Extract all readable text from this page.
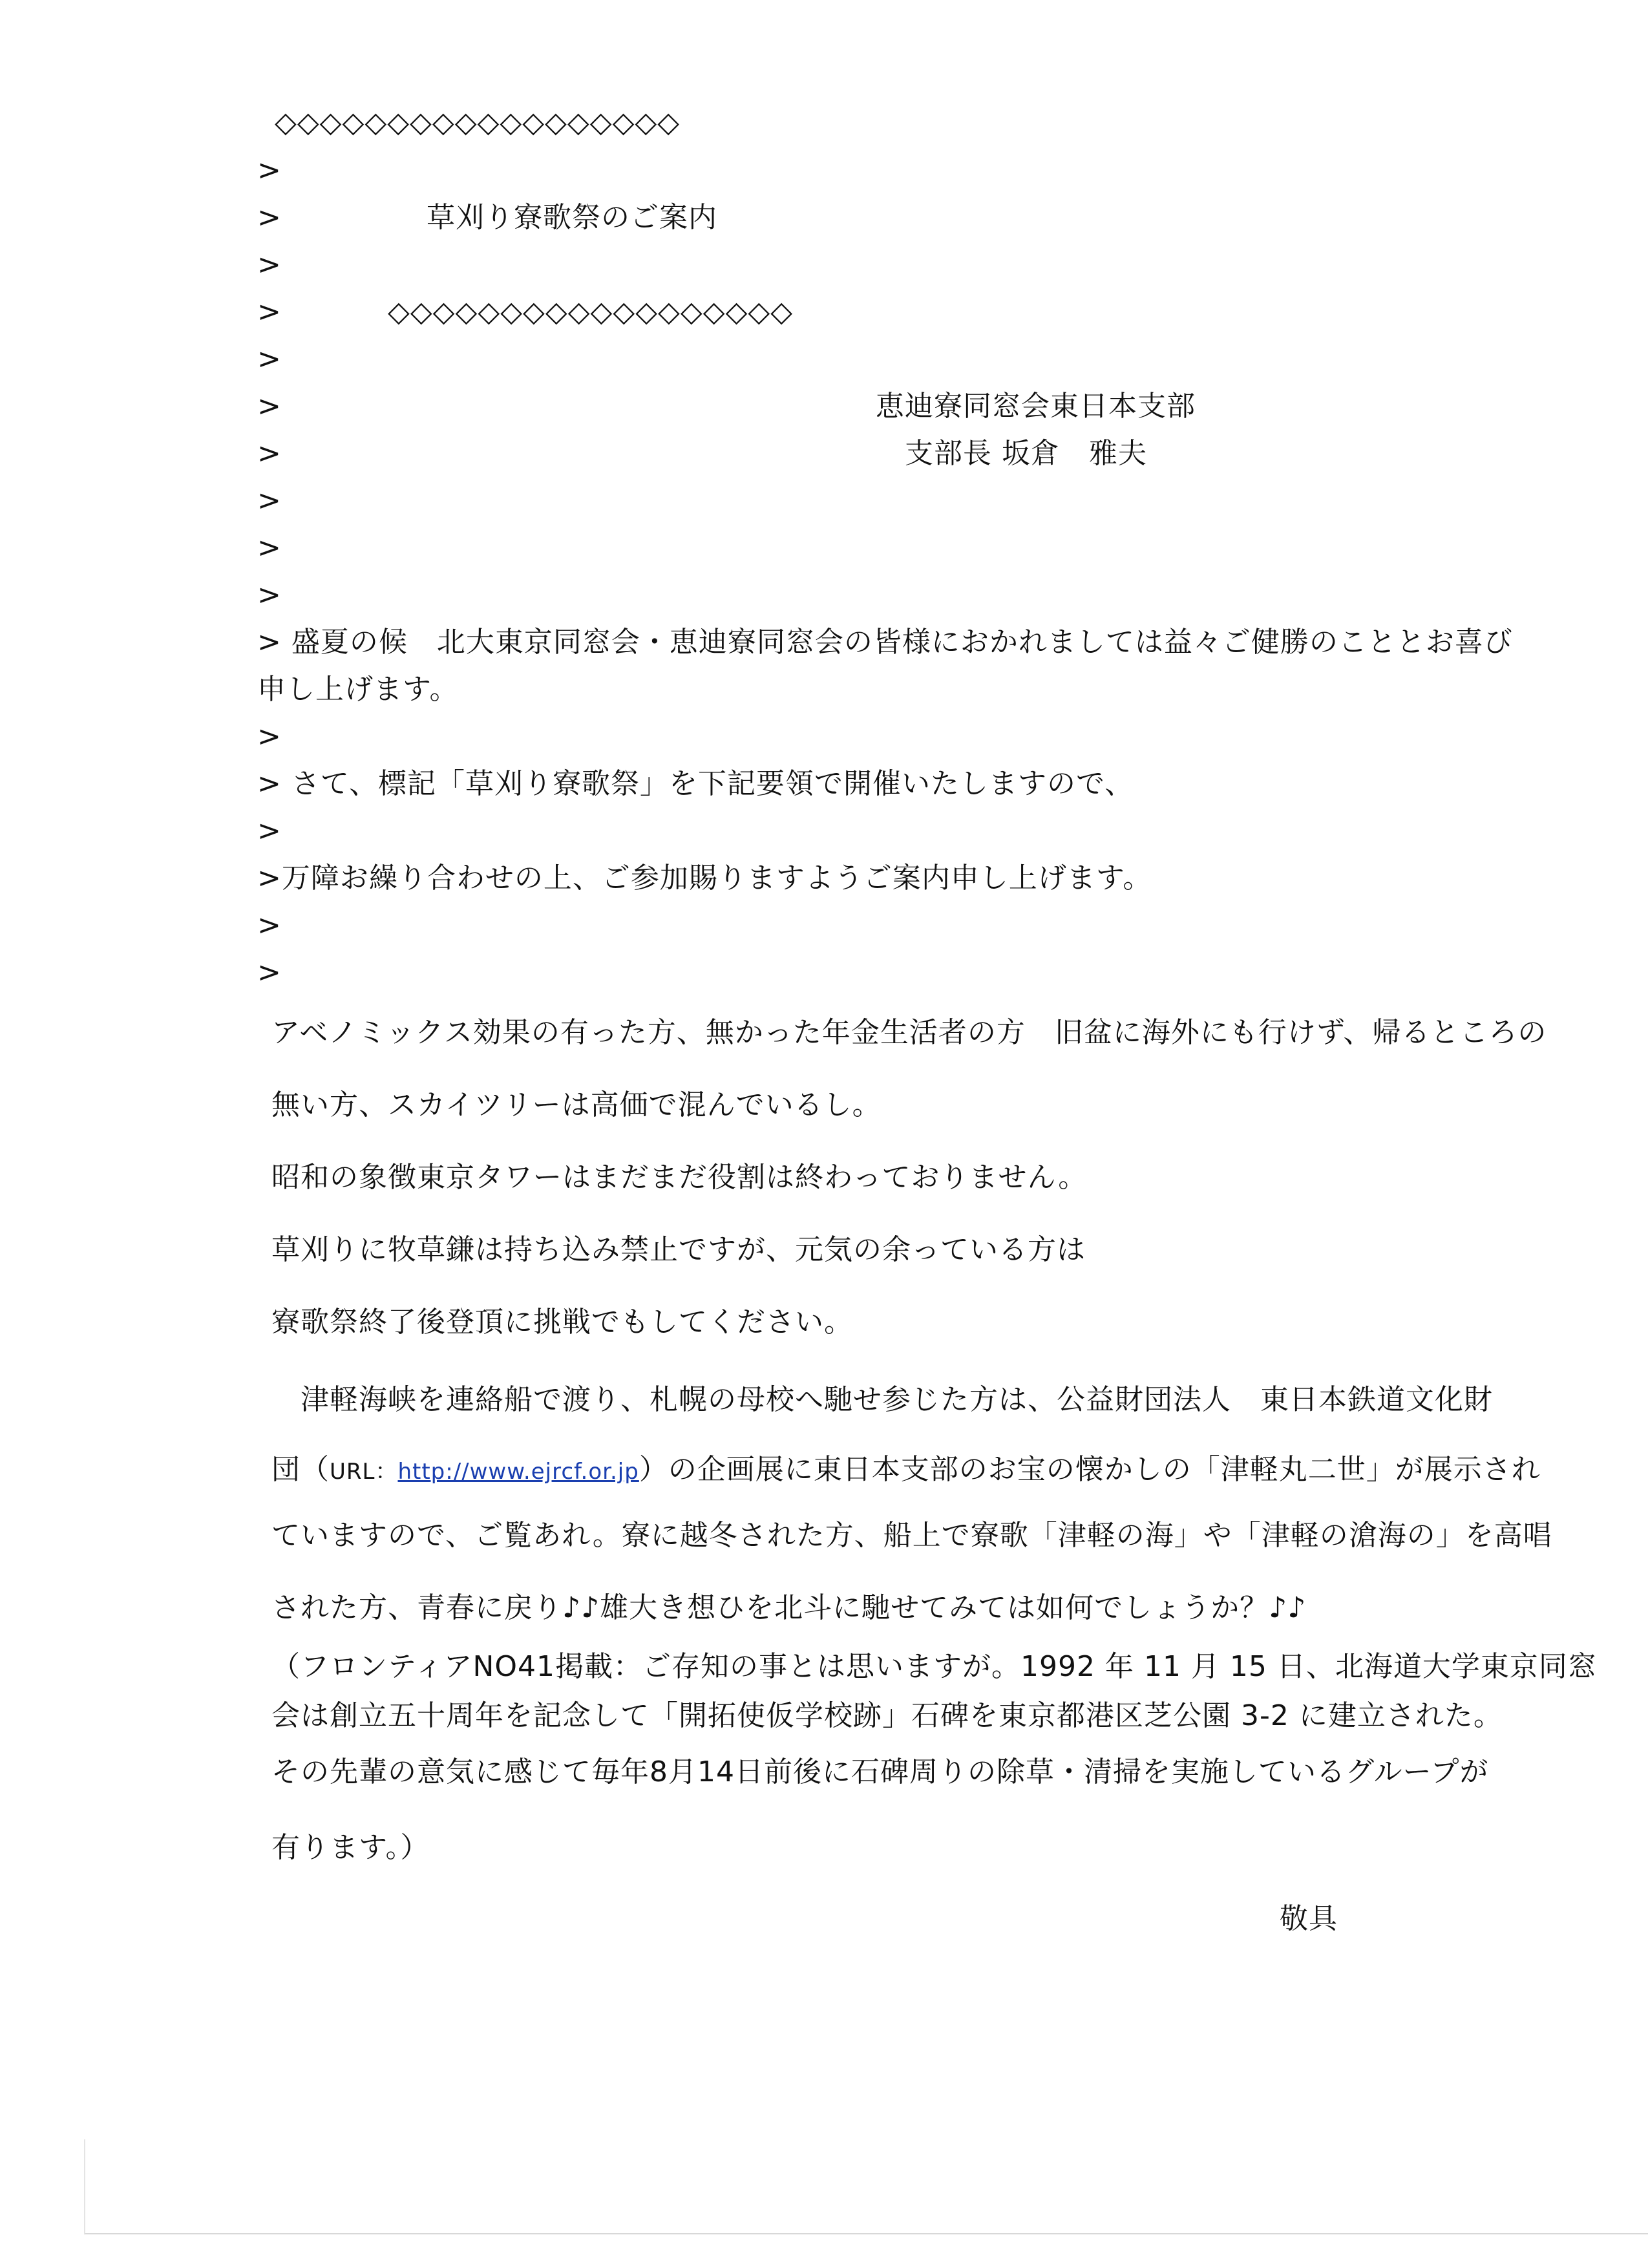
◇◇◇◇◇◇◇◇◇◇◇◇◇◇◇◇◇◇
>
>	草刈り寮歌祭のご案内
>
>	◇◇◇◇◇◇◇◇◇◇◇◇◇◇◇◇◇◇
>
>	恵迪寮同窓会東日本支部
>	支部長 坂倉　雅夫
>
>
>
> 盛夏の候　北大東京同窓会・恵迪寮同窓会の皆様におかれましては益々ご健勝のこととお喜び
申し上げます。
>
> さて、標記「草刈り寮歌祭」を下記要領で開催いたしますので、
>
>万障お繰り合わせの上、ご参加賜りますようご案内申し上げます。
>
>
アベノミックス効果の有った方、無かった年金生活者の方　旧盆に海外にも行けず、帰るところの
無い方、スカイツリーは高価で混んでいるし。
昭和の象徴東京タワーはまだまだ役割は終わっておりません。
草刈りに牧草鎌は持ち込み禁止ですが、元気の余っている方は
寮歌祭終了後登頂に挑戦でもしてください。
　津軽海峡を連絡船で渡り、札幌の母校へ馳せ参じた方は、公益財団法人　東日本鉄道文化財
団（URL：http://www.ejrcf.or.jp）の企画展に東日本支部のお宝の懐かしの「津軽丸二世」が展示され
ていますので、ご覧あれ。寮に越冬された方、船上で寮歌「津軽の海」や「津軽の滄海の」を高唱
された方、青春に戻り♪♪雄大き想ひを北斗に馳せてみては如何でしょうか？♪♪
（フロンティアNO41掲載：ご存知の事とは思いますが。1992 年 11 月 15 日、北海道大学東京同窓
会は創立五十周年を記念して「開拓使仮学校跡」石碑を東京都港区芝公園 3-2 に建立された。
その先輩の意気に感じて毎年8月14日前後に石碑周りの除草・清掃を実施しているグループが
有ります。）
敬具
